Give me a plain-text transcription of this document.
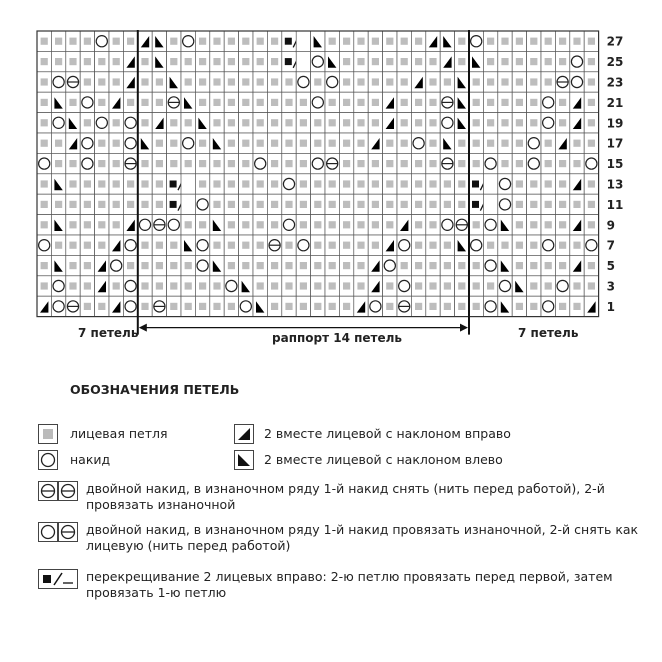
27
25
23
21
19
17
15
13
11
9
7
5
3
1
7 петель	раппорт 14 петель	7 петель
ОБОЗНАЧЕНИЯ ПЕТЕЛЬ
лицевая петля
накид
2 вместе лицевой с наклоном вправо
2 вместе лицевой с наклоном влево
двойной накид, в изнаночном ряду 1-й накид снять (нить перед работой), 2-й провязать изнаночной
двойной накид, в изнаночном ряду 1-й накид провязать изнаночной, 2-й снять как лицевую (нить перед работой)
перекрещивание 2 лицевых вправо: 2-ю петлю провязать перед первой, затем провязать 1-ю петлю
